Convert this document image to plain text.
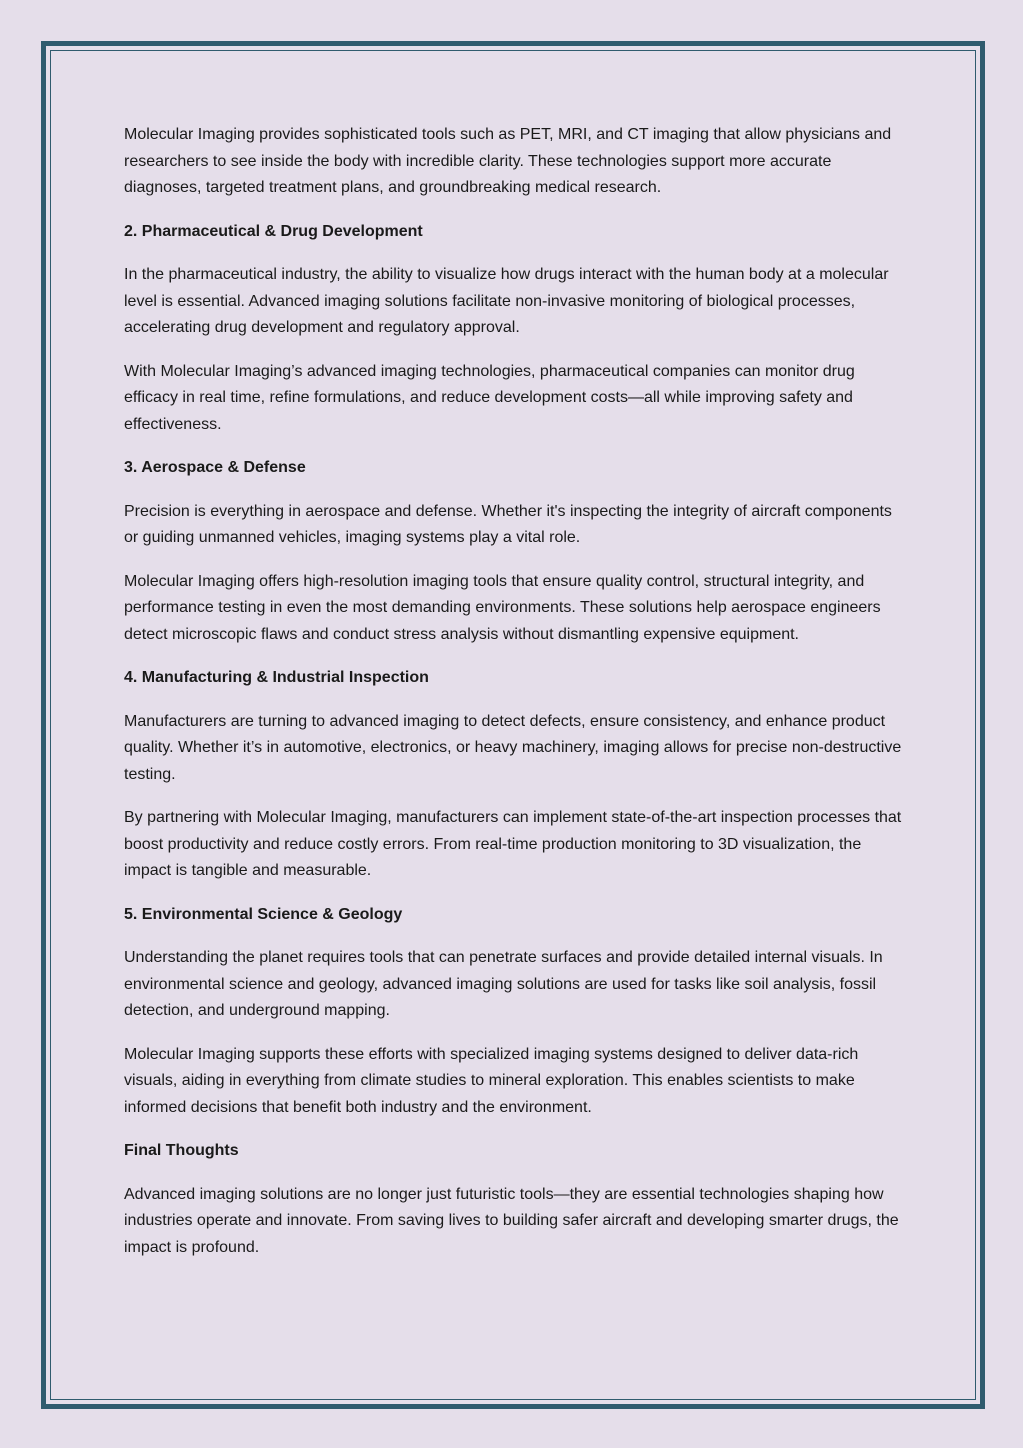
Molecular Imaging provides sophisticated tools such as PET, MRI, and CT imaging that allow physicians and researchers to see inside the body with incredible clarity. These technologies support more accurate diagnoses, targeted treatment plans, and groundbreaking medical research.

2. Pharmaceutical & Drug Development

In the pharmaceutical industry, the ability to visualize how drugs interact with the human body at a molecular level is essential. Advanced imaging solutions facilitate non-invasive monitoring of biological processes, accelerating drug development and regulatory approval.

With Molecular Imaging’s advanced imaging technologies, pharmaceutical companies can monitor drug efficacy in real time, refine formulations, and reduce development costs—all while improving safety and effectiveness.

3. Aerospace & Defense

Precision is everything in aerospace and defense. Whether it's inspecting the integrity of aircraft components or guiding unmanned vehicles, imaging systems play a vital role.

Molecular Imaging offers high-resolution imaging tools that ensure quality control, structural integrity, and performance testing in even the most demanding environments. These solutions help aerospace engineers detect microscopic flaws and conduct stress analysis without dismantling expensive equipment.

4. Manufacturing & Industrial Inspection

Manufacturers are turning to advanced imaging to detect defects, ensure consistency, and enhance product quality. Whether it’s in automotive, electronics, or heavy machinery, imaging allows for precise non-destructive testing.

By partnering with Molecular Imaging, manufacturers can implement state-of-the-art inspection processes that boost productivity and reduce costly errors. From real-time production monitoring to 3D visualization, the impact is tangible and measurable.

5. Environmental Science & Geology

Understanding the planet requires tools that can penetrate surfaces and provide detailed internal visuals. In environmental science and geology, advanced imaging solutions are used for tasks like soil analysis, fossil detection, and underground mapping.

Molecular Imaging supports these efforts with specialized imaging systems designed to deliver data-rich visuals, aiding in everything from climate studies to mineral exploration. This enables scientists to make informed decisions that benefit both industry and the environment.

Final Thoughts

Advanced imaging solutions are no longer just futuristic tools—they are essential technologies shaping how industries operate and innovate. From saving lives to building safer aircraft and developing smarter drugs, the impact is profound.
